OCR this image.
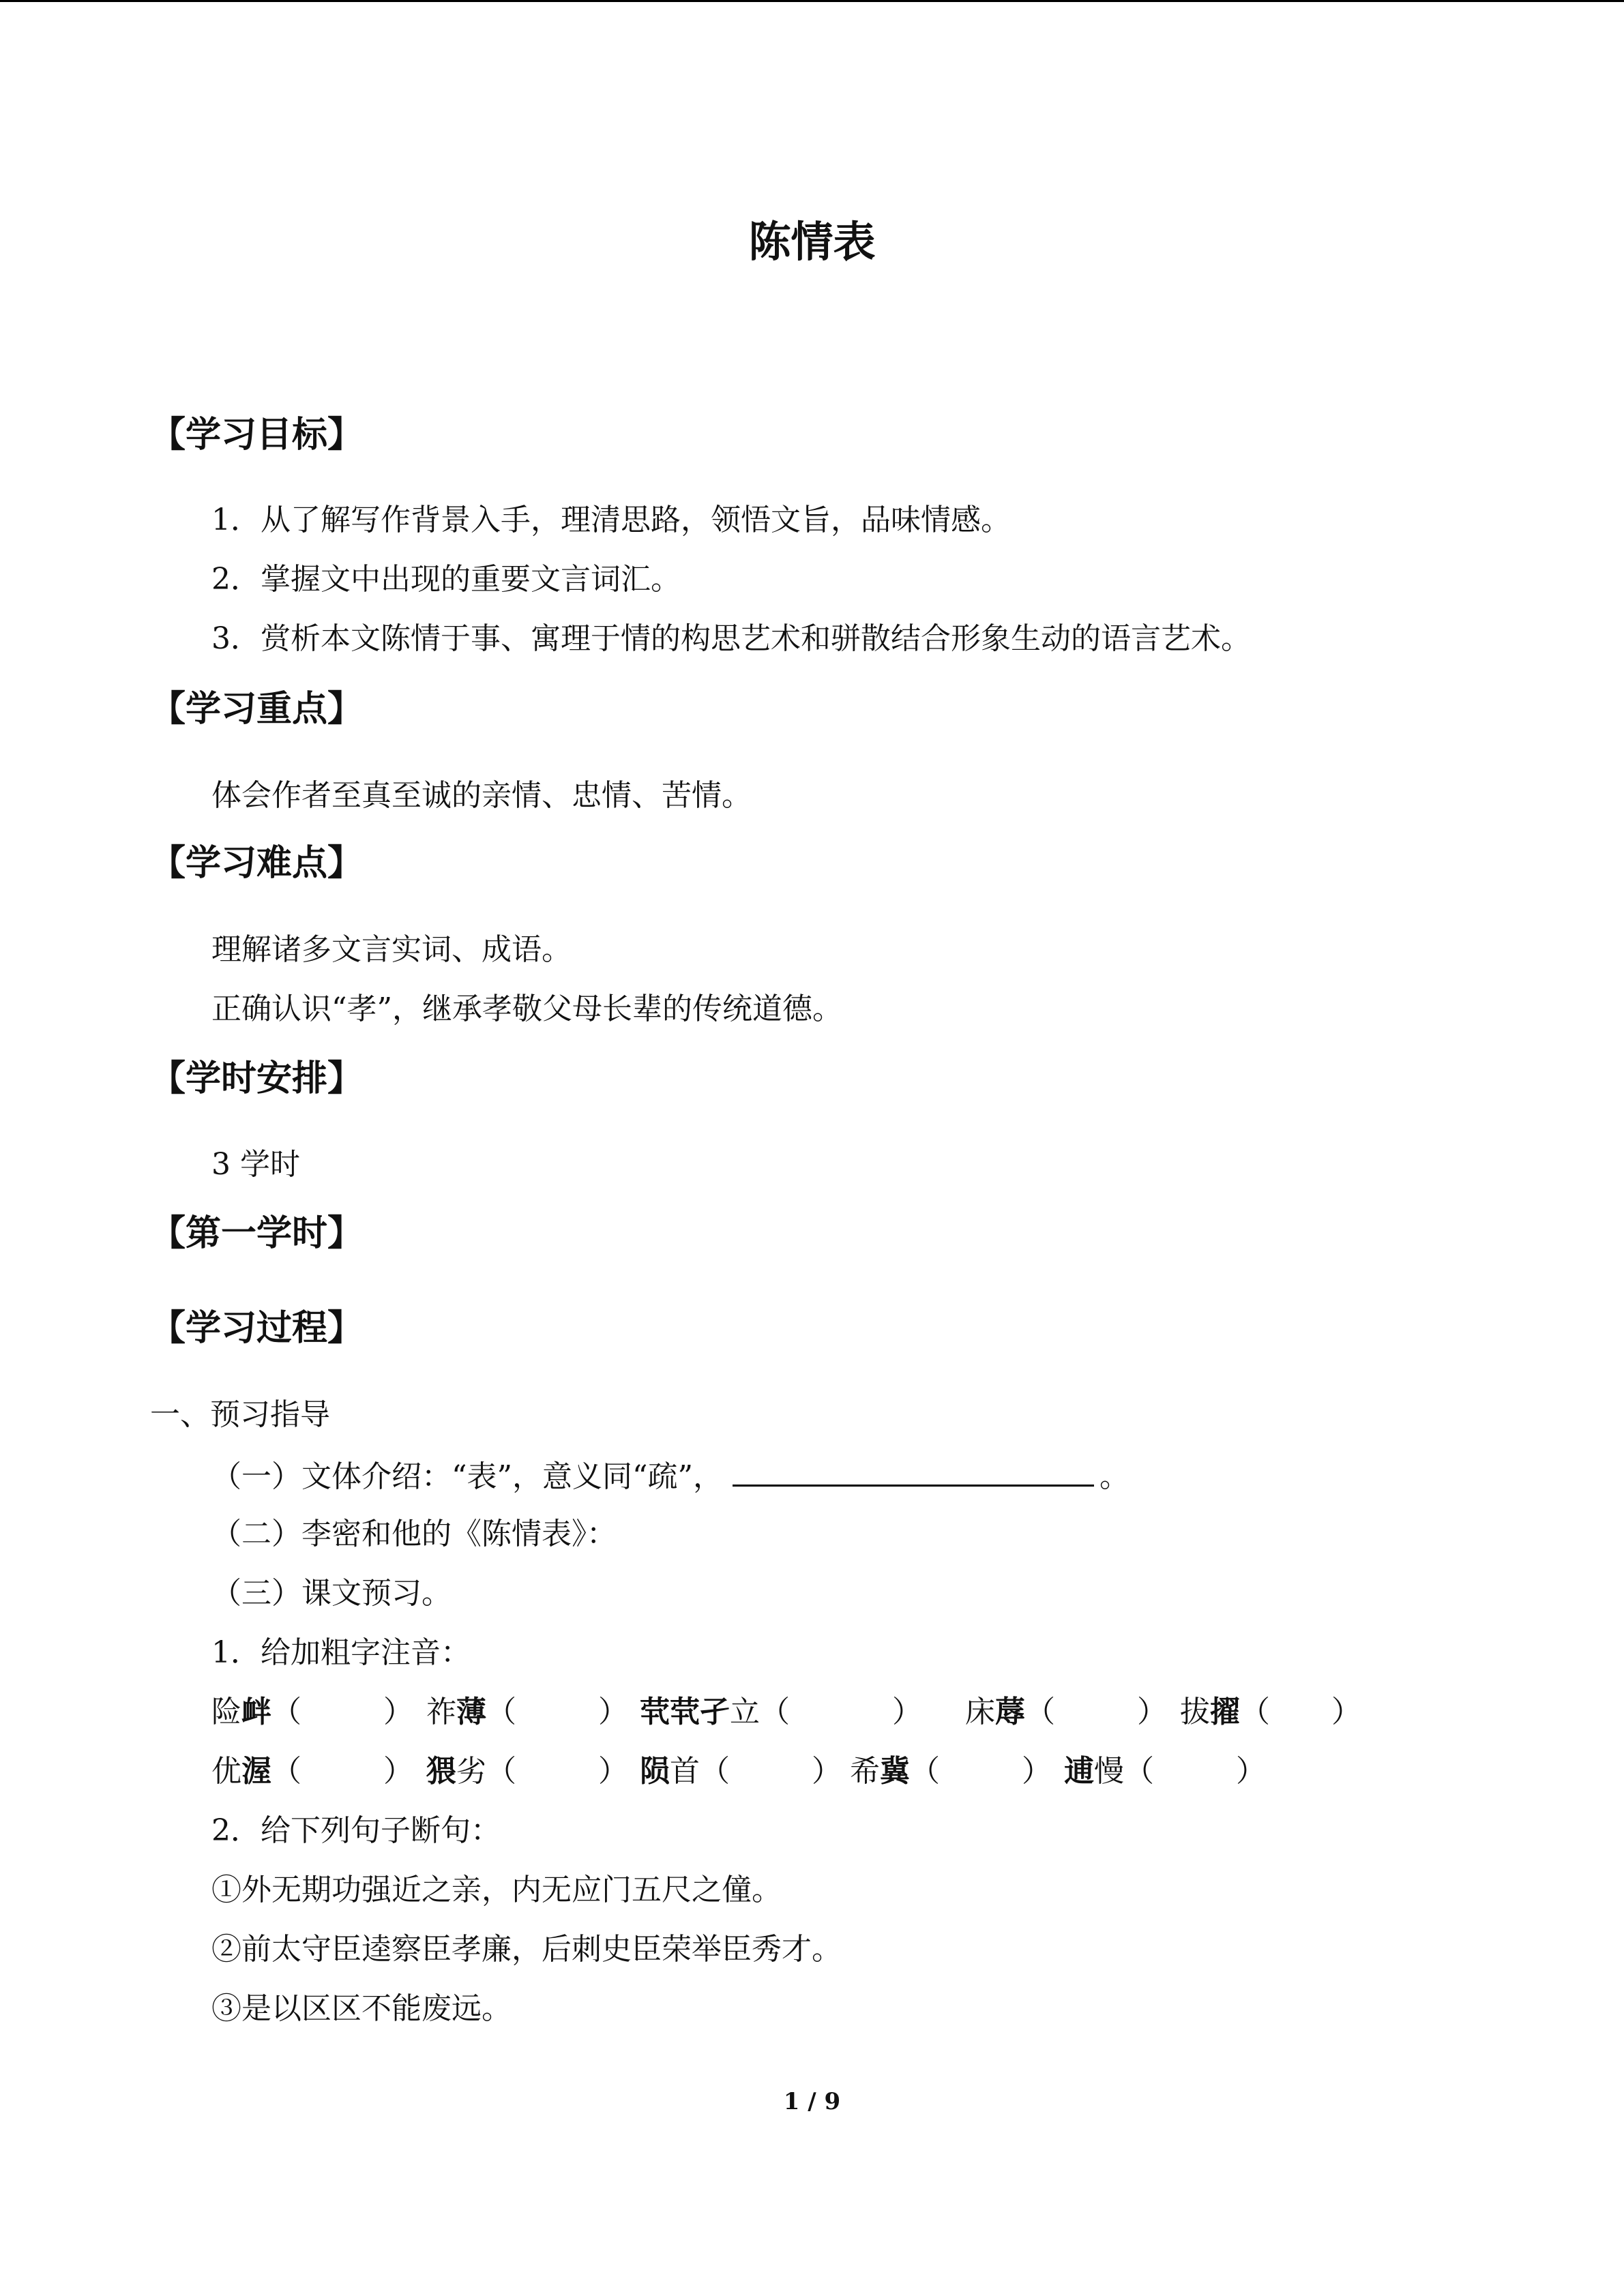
陈情表
【学习目标】
1．从了解写作背景入手，理清思路，领悟文旨，品味情感。
2．掌握文中出现的重要文言词汇。
3．赏析本文陈情于事、寓理于情的构思艺术和骈散结合形象生动的语言艺术。
【学习重点】
体会作者至真至诚的亲情、忠情、苦情。
【学习难点】
理解诸多文言实词、成语。
正确认识“孝”，继承孝敬父母长辈的传统道德。
【学时安排】
3 学时
【第一学时】
【学习过程】
一、预习指导
（一）文体介绍：“表”，意义同“疏”，	。
（二）李密和他的《陈情表》：
（三）课文预习。
1．给加粗字注音：
险衅（	） 祚薄（	） 茕茕孑立（	） 床蓐（	） 拔擢（ ）
优渥（	） 猥劣（	） 陨首（	） 希冀（	） 逋慢（	）
2．给下列句子断句：
①外无期功强近之亲，内无应门五尺之僮。
②前太守臣逵察臣孝廉，后刺史臣荣举臣秀才。
③是以区区不能废远。
1 / 9
